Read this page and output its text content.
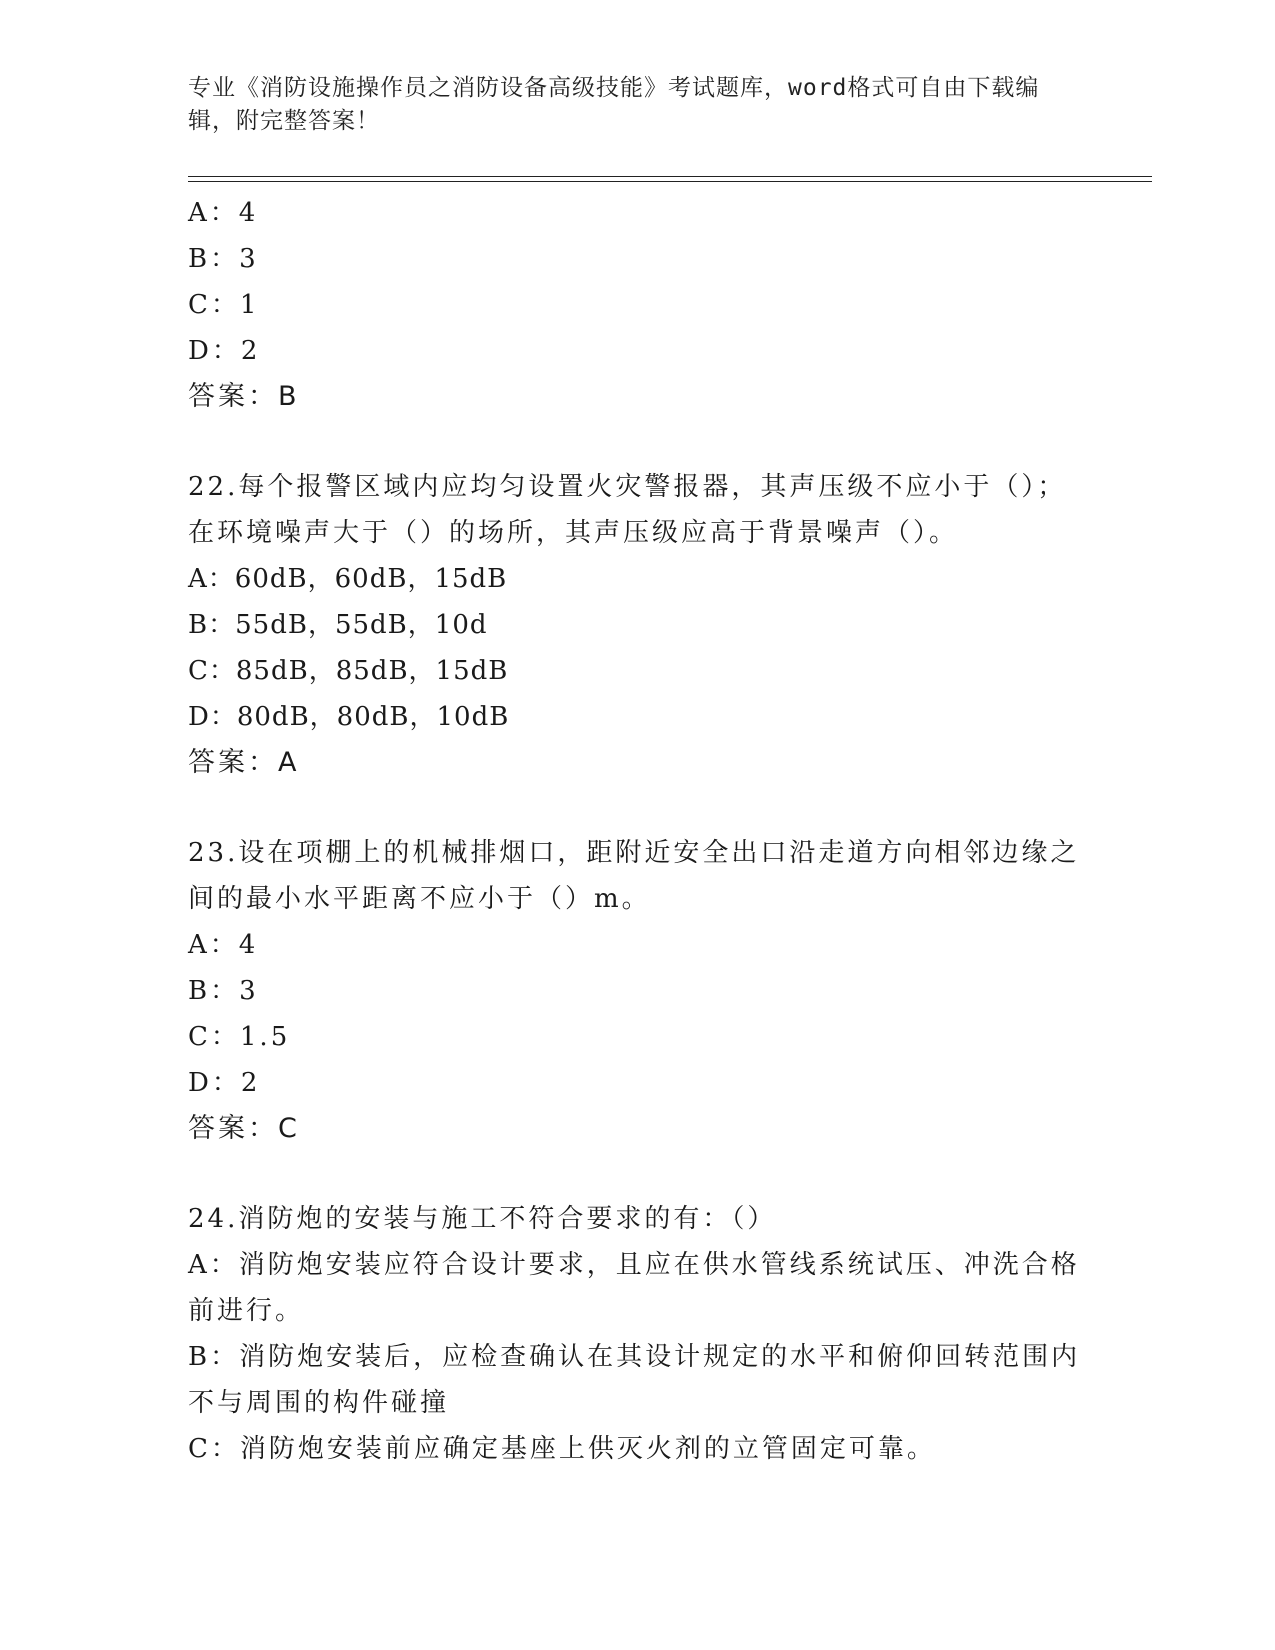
专业《消防设施操作员之消防设备高级技能》考试题库，word格式可自由下载编
辑，附完整答案！
A：4
B：3
C：1
D：2
答案：B
22.每个报警区域内应均匀设置火灾警报器，其声压级不应小于（）；
在环境噪声大于（）的场所，其声压级应高于背景噪声（）。
A：60dB，60dB，15dB
B：55dB，55dB，10d
C：85dB，85dB，15dB
D：80dB，80dB，10dB
答案：A
23.设在项棚上的机械排烟口，距附近安全出口沿走道方向相邻边缘之
间的最小水平距离不应小于（）m。
A：4
B：3
C：1.5
D：2
答案：C
24.消防炮的安装与施工不符合要求的有：（）
A：消防炮安装应符合设计要求，且应在供水管线系统试压、冲洗合格
前进行。
B：消防炮安装后，应检查确认在其设计规定的水平和俯仰回转范围内
不与周围的构件碰撞
C：消防炮安装前应确定基座上供灭火剂的立管固定可靠。
